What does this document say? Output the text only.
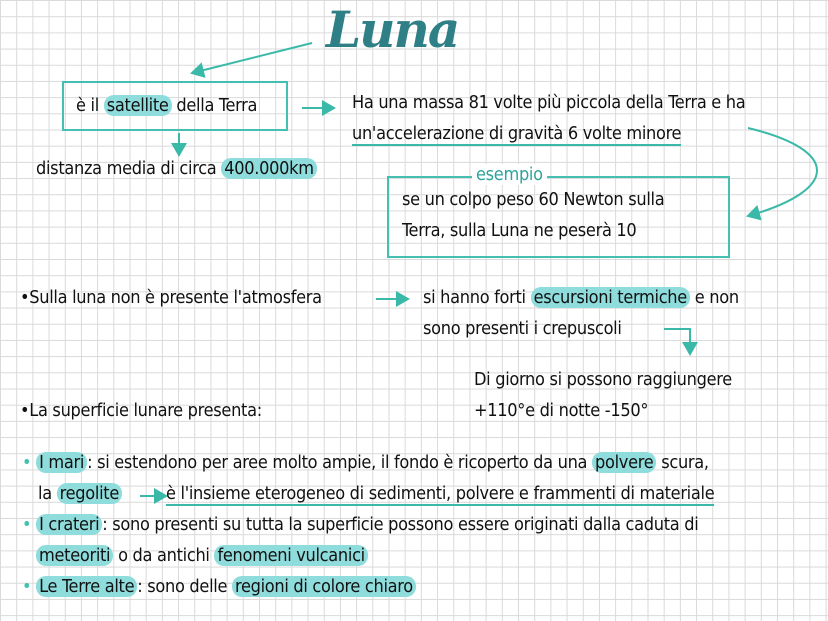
Luna
è il satellite della Terra
distanza media di circa 400.000km
Ha una massa 81 volte più piccola della Terra e ha
un'accelerazione di gravità 6 volte minore
esempio
se un colpo peso 60 Newton sulla
Terra, sulla Luna ne peserà 10
•Sulla luna non è presente l'atmosfera	si hanno forti escursioni termiche e non
sono presenti i crepuscoli
Di giorno si possono raggiungere
+110°e di notte -150°
•La superficie lunare presenta:
• I mari : si estendono per aree molto ampie, il fondo è ricoperto da una polvere scura,
la regolite	è l'insieme eterogeneo di sedimenti, polvere e frammenti di materiale
• I crateri : sono presenti su tutta la superficie possono essere originati dalla caduta di
meteoriti o da antichi fenomeni vulcanici
• Le Terre alte : sono delle regioni di colore chiaro
